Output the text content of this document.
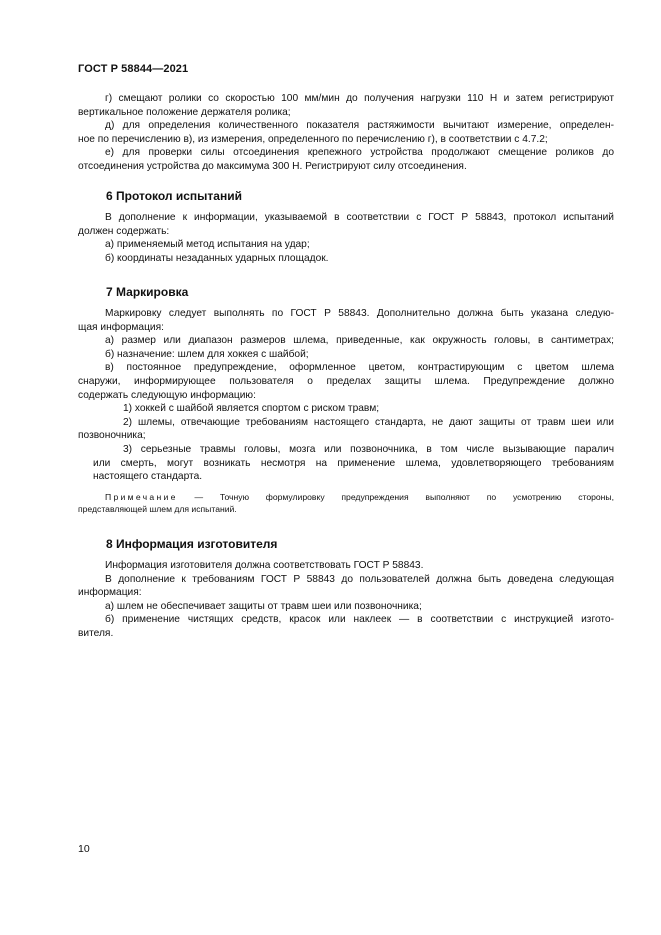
ГОСТ Р 58844—2021

г) смещают ролики со скоростью 100 мм/мин до получения нагрузки 110 Н и затем регистрируют

вертикальное положение держателя ролика;

д) для определения количественного показателя растяжимости вычитают измерение, определен-

ное по перечислению в), из измерения, определенного по перечислению г), в соответствии с 4.7.2;

е) для проверки силы отсоединения крепежного устройства продолжают смещение роликов до

отсоединения устройства до максимума 300 Н. Регистрируют силу отсоединения.

6 Протокол испытаний

В дополнение к информации, указываемой в соответствии с ГОСТ Р 58843, протокол испытаний

должен содержать:

а) применяемый метод испытания на удар;

б) координаты незаданных ударных площадок.

7 Маркировка

Маркировку следует выполнять по ГОСТ Р 58843. Дополнительно должна быть указана следую-

щая информация:

а) размер или диапазон размеров шлема, приведенные, как окружность головы, в сантиметрах;

б) назначение: шлем для хоккея с шайбой;

в) постоянное предупреждение, оформленное цветом, контрастирующим с цветом шлема

снаружи, информирующее пользователя о пределах защиты шлема. Предупреждение должно

содержать следующую информацию:

1) хоккей с шайбой является спортом с риском травм;

2) шлемы, отвечающие требованиям настоящего стандарта, не дают защиты от травм шеи или

позвоночника;

3) серьезные травмы головы, мозга или позвоночника, в том числе вызывающие паралич

или смерть, могут возникать несмотря на применение шлема, удовлетворяющего требованиям

настоящего стандарта.

Примечание — Точную формулировку предупреждения выполняют по усмотрению стороны,

представляющей шлем для испытаний.

8 Информация изготовителя

Информация изготовителя должна соответствовать ГОСТ Р 58843.

В дополнение к требованиям ГОСТ Р 58843 до пользователей должна быть доведена следующая

информация:

а) шлем не обеспечивает защиты от травм шеи или позвоночника;

б) применение чистящих средств, красок или наклеек — в соответствии с инструкцией изгото-

вителя.

10
